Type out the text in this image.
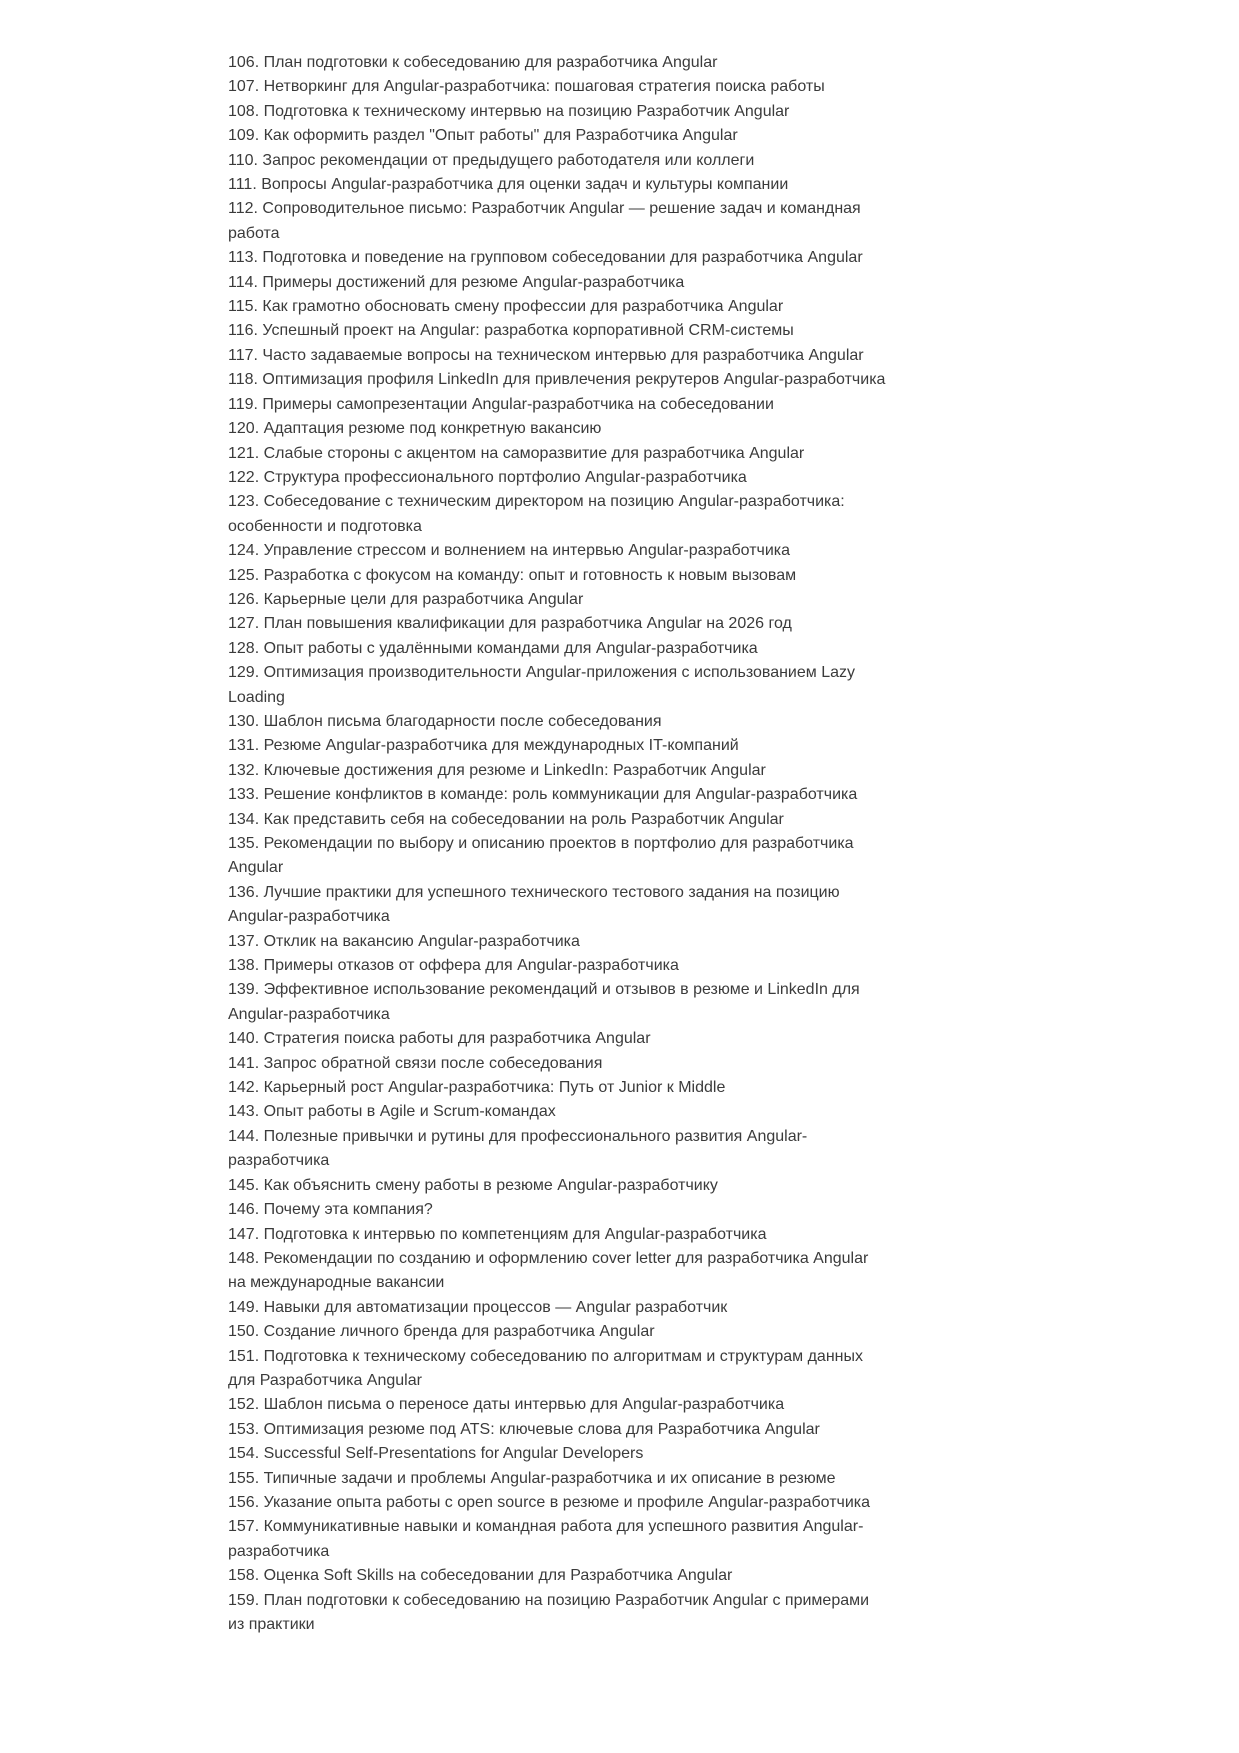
106. План подготовки к собеседованию для разработчика Angular
107. Нетворкинг для Angular-разработчика: пошаговая стратегия поиска работы
108. Подготовка к техническому интервью на позицию Разработчик Angular
109. Как оформить раздел "Опыт работы" для Разработчика Angular
110. Запрос рекомендации от предыдущего работодателя или коллеги
111. Вопросы Angular-разработчика для оценки задач и культуры компании
112. Сопроводительное письмо: Разработчик Angular — решение задач и командная работа
113. Подготовка и поведение на групповом собеседовании для разработчика Angular
114. Примеры достижений для резюме Angular-разработчика
115. Как грамотно обосновать смену профессии для разработчика Angular
116. Успешный проект на Angular: разработка корпоративной CRM-системы
117. Часто задаваемые вопросы на техническом интервью для разработчика Angular
118. Оптимизация профиля LinkedIn для привлечения рекрутеров Angular-разработчика
119. Примеры самопрезентации Angular-разработчика на собеседовании
120. Адаптация резюме под конкретную вакансию
121. Слабые стороны с акцентом на саморазвитие для разработчика Angular
122. Структура профессионального портфолио Angular-разработчика
123. Собеседование с техническим директором на позицию Angular-разработчика: особенности и подготовка
124. Управление стрессом и волнением на интервью Angular-разработчика
125. Разработка с фокусом на команду: опыт и готовность к новым вызовам
126. Карьерные цели для разработчика Angular
127. План повышения квалификации для разработчика Angular на 2026 год
128. Опыт работы с удалёнными командами для Angular-разработчика
129. Оптимизация производительности Angular-приложения с использованием Lazy Loading
130. Шаблон письма благодарности после собеседования
131. Резюме Angular-разработчика для международных IT-компаний
132. Ключевые достижения для резюме и LinkedIn: Разработчик Angular
133. Решение конфликтов в команде: роль коммуникации для Angular-разработчика
134. Как представить себя на собеседовании на роль Разработчик Angular
135. Рекомендации по выбору и описанию проектов в портфолио для разработчика Angular
136. Лучшие практики для успешного технического тестового задания на позицию Angular-разработчика
137. Отклик на вакансию Angular-разработчика
138. Примеры отказов от оффера для Angular-разработчика
139. Эффективное использование рекомендаций и отзывов в резюме и LinkedIn для Angular-разработчика
140. Стратегия поиска работы для разработчика Angular
141. Запрос обратной связи после собеседования
142. Карьерный рост Angular-разработчика: Путь от Junior к Middle
143. Опыт работы в Agile и Scrum-командах
144. Полезные привычки и рутины для профессионального развития Angular-разработчика
145. Как объяснить смену работы в резюме Angular-разработчику
146. Почему эта компания?
147. Подготовка к интервью по компетенциям для Angular-разработчика
148. Рекомендации по созданию и оформлению cover letter для разработчика Angular на международные вакансии
149. Навыки для автоматизации процессов — Angular разработчик
150. Создание личного бренда для разработчика Angular
151. Подготовка к техническому собеседованию по алгоритмам и структурам данных для Разработчика Angular
152. Шаблон письма о переносе даты интервью для Angular-разработчика
153. Оптимизация резюме под ATS: ключевые слова для Разработчика Angular
154. Successful Self-Presentations for Angular Developers
155. Типичные задачи и проблемы Angular-разработчика и их описание в резюме
156. Указание опыта работы с open source в резюме и профиле Angular-разработчика
157. Коммуникативные навыки и командная работа для успешного развития Angular-разработчика
158. Оценка Soft Skills на собеседовании для Разработчика Angular
159. План подготовки к собеседованию на позицию Разработчик Angular с примерами из практики
